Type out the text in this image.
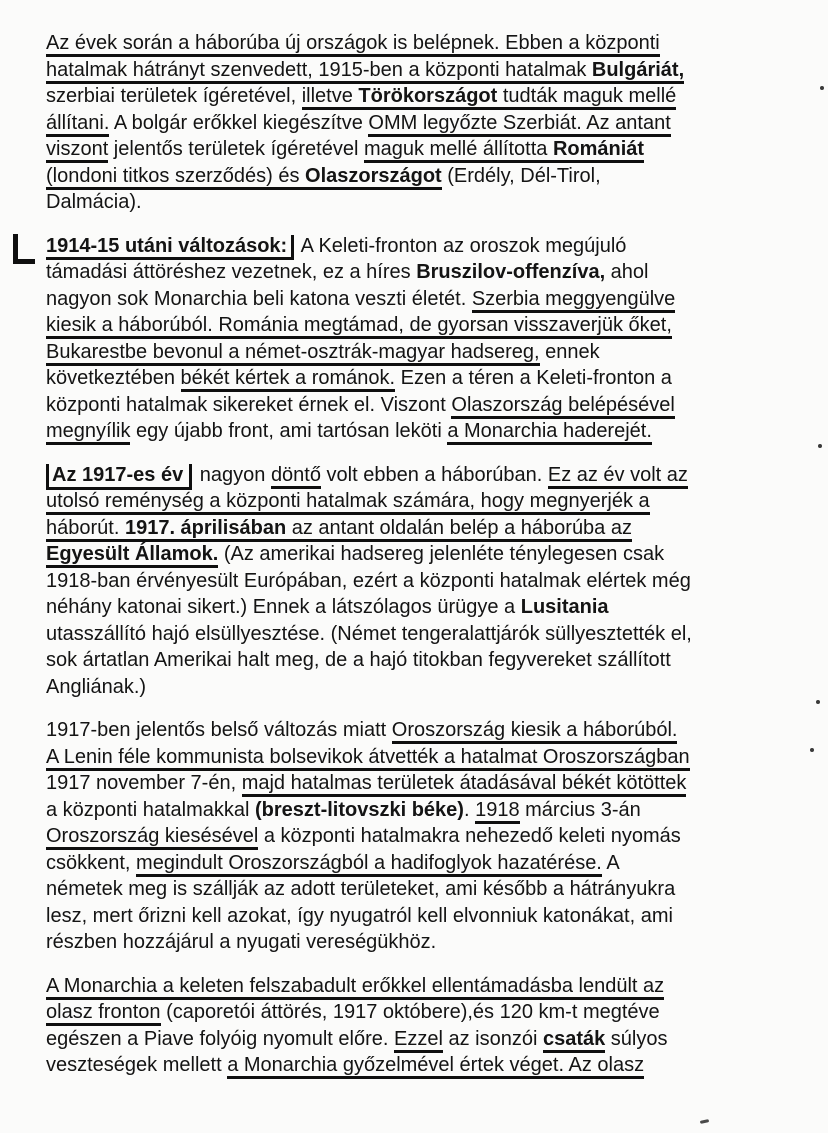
Az évek során a háborúba új országok is belépnek. Ebben a központi
hatalmak hátrányt szenvedett, 1915-ben a központi hatalmak Bulgáriát,
szerbiai területek ígéretével, illetve Törökországot tudták maguk mellé
állítani. A bolgár erőkkel kiegészítve OMM legyőzte Szerbiát. Az antant
viszont jelentős területek ígéretével maguk mellé állította Romániát
(londoni titkos szerződés) és Olaszországot (Erdély, Dél-Tirol,
Dalmácia).
1914-15 utáni változások: A Keleti-fronton az oroszok megújuló
támadási áttöréshez vezetnek, ez a híres Bruszilov-offenzíva, ahol
nagyon sok Monarchia beli katona veszti életét. Szerbia meggyengülve
kiesik a háborúból. Románia megtámad, de gyorsan visszaverjük őket,
Bukarestbe bevonul a német-osztrák-magyar hadsereg, ennek
következtében békét kértek a románok. Ezen a téren a Keleti-fronton a
központi hatalmak sikereket érnek el. Viszont Olaszország belépésével
megnyílik egy újabb front, ami tartósan leköti a Monarchia haderejét.
Az 1917-es év nagyon döntő volt ebben a háborúban. Ez az év volt az
utolsó reménység a központi hatalmak számára, hogy megnyerjék a
háborút. 1917. áprilisában az antant oldalán belép a háborúba az
Egyesült Államok. (Az amerikai hadsereg jelenléte ténylegesen csak
1918-ban érvényesült Európában, ezért a központi hatalmak elértek még
néhány katonai sikert.) Ennek a látszólagos ürügye a Lusitania
utasszállító hajó elsüllyesztése. (Német tengeralattjárók süllyesztették el,
sok ártatlan Amerikai halt meg, de a hajó titokban fegyvereket szállított
Angliának.)
1917-ben jelentős belső változás miatt Oroszország kiesik a háborúból.
A Lenin féle kommunista bolsevikok átvették a hatalmat Oroszországban
1917 november 7-én, majd hatalmas területek átadásával békét kötöttek
a központi hatalmakkal (breszt-litovszki béke). 1918 március 3-án
Oroszország kiesésével a központi hatalmakra nehezedő keleti nyomás
csökkent, megindult Oroszországból a hadifoglyok hazatérése. A
németek meg is szállják az adott területeket, ami később a hátrányukra
lesz, mert őrizni kell azokat, így nyugatról kell elvonniuk katonákat, ami
részben hozzájárul a nyugati vereségükhöz.
A Monarchia a keleten felszabadult erőkkel ellentámadásba lendült az
olasz fronton (caporetói áttörés, 1917 októbere),és 120 km-t megtéve
egészen a Piave folyóig nyomult előre. Ezzel az isonzói csaták súlyos
veszteségek mellett a Monarchia győzelmével értek véget. Az olasz
